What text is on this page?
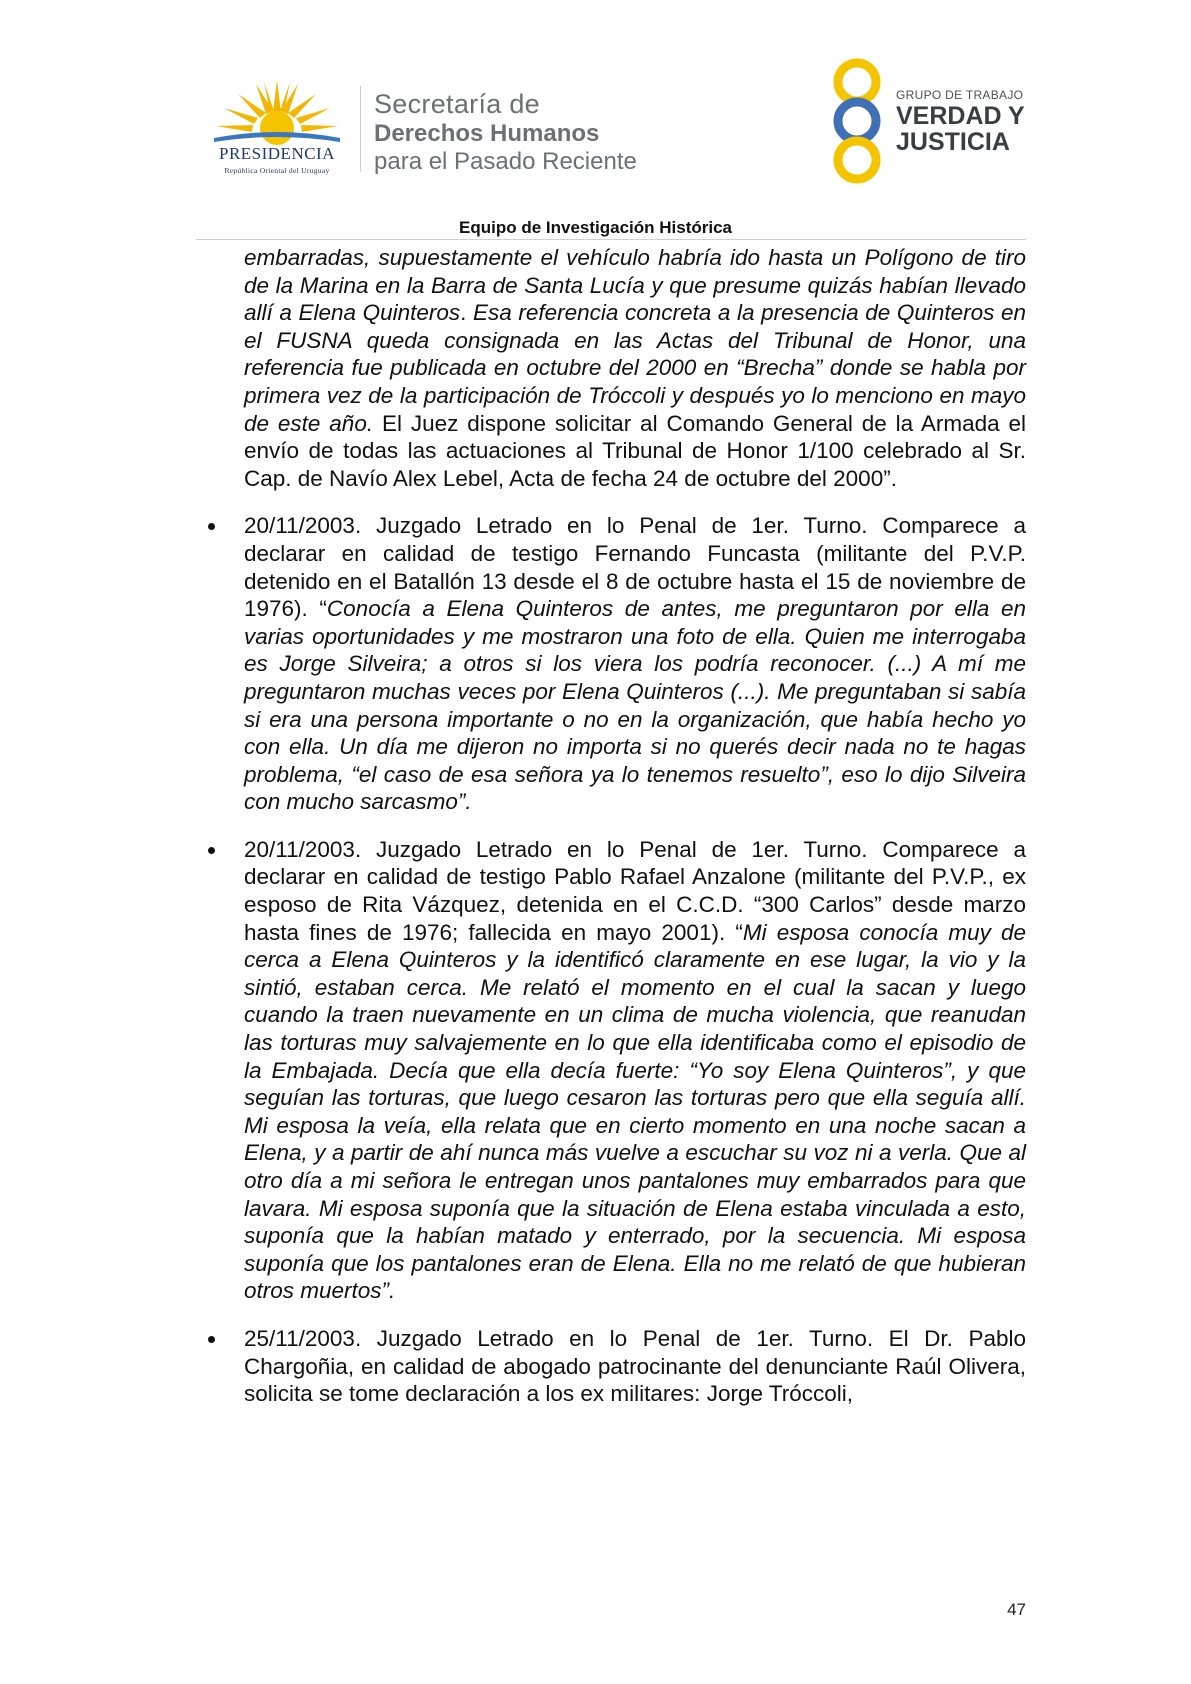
PRESIDENCIA
República Oriental del Uruguay
Secretaría de
Derechos Humanos
para el Pasado Reciente
GRUPO DE TRABAJO
VERDAD Y
JUSTICIA
Equipo de Investigación Histórica

embarradas, supuestamente el vehículo habría ido hasta un Polígono de tiro de la Marina en la Barra de Santa Lucía y que presume quizás habían llevado allí a Elena Quinteros. Esa referencia concreta a la presencia de Quinteros en el FUSNA queda consignada en las Actas del Tribunal de Honor, una referencia fue publicada en octubre del 2000 en “Brecha” donde se habla por primera vez de la participación de Tróccoli y después yo lo menciono en mayo de este año. El Juez dispone solicitar al Comando General de la Armada el envío de todas las actuaciones al Tribunal de Honor 1/100 celebrado al Sr. Cap. de Navío Alex Lebel, Acta de fecha 24 de octubre del 2000”.

20/11/2003. Juzgado Letrado en lo Penal de 1er. Turno. Comparece a declarar en calidad de testigo Fernando Funcasta (militante del P.V.P. detenido en el Batallón 13 desde el 8 de octubre hasta el 15 de noviembre de 1976). “Conocía a Elena Quinteros de antes, me preguntaron por ella en varias oportunidades y me mostraron una foto de ella. Quien me interrogaba es Jorge Silveira; a otros si los viera los podría reconocer. (...) A mí me preguntaron muchas veces por Elena Quinteros (...). Me preguntaban si sabía si era una persona importante o no en la organización, que había hecho yo con ella. Un día me dijeron no importa si no querés decir nada no te hagas problema, “el caso de esa señora ya lo tenemos resuelto”, eso lo dijo Silveira con mucho sarcasmo”.

20/11/2003. Juzgado Letrado en lo Penal de 1er. Turno. Comparece a declarar en calidad de testigo Pablo Rafael Anzalone (militante del P.V.P., ex esposo de Rita Vázquez, detenida en el C.C.D. “300 Carlos” desde marzo hasta fines de 1976; fallecida en mayo 2001). “Mi esposa conocía muy de cerca a Elena Quinteros y la identificó claramente en ese lugar, la vio y la sintió, estaban cerca. Me relató el momento en el cual la sacan y luego cuando la traen nuevamente en un clima de mucha violencia, que reanudan las torturas muy salvajemente en lo que ella identificaba como el episodio de la Embajada. Decía que ella decía fuerte: “Yo soy Elena Quinteros”, y que seguían las torturas, que luego cesaron las torturas pero que ella seguía allí. Mi esposa la veía, ella relata que en cierto momento en una noche sacan a Elena, y a partir de ahí nunca más vuelve a escuchar su voz ni a verla. Que al otro día a mi señora le entregan unos pantalones muy embarrados para que lavara. Mi esposa suponía que la situación de Elena estaba vinculada a esto, suponía que la habían matado y enterrado, por la secuencia. Mi esposa suponía que los pantalones eran de Elena. Ella no me relató de que hubieran otros muertos”.

25/11/2003. Juzgado Letrado en lo Penal de 1er. Turno. El Dr. Pablo Chargoñia, en calidad de abogado patrocinante del denunciante Raúl Olivera, solicita se tome declaración a los ex militares: Jorge Tróccoli,

47
